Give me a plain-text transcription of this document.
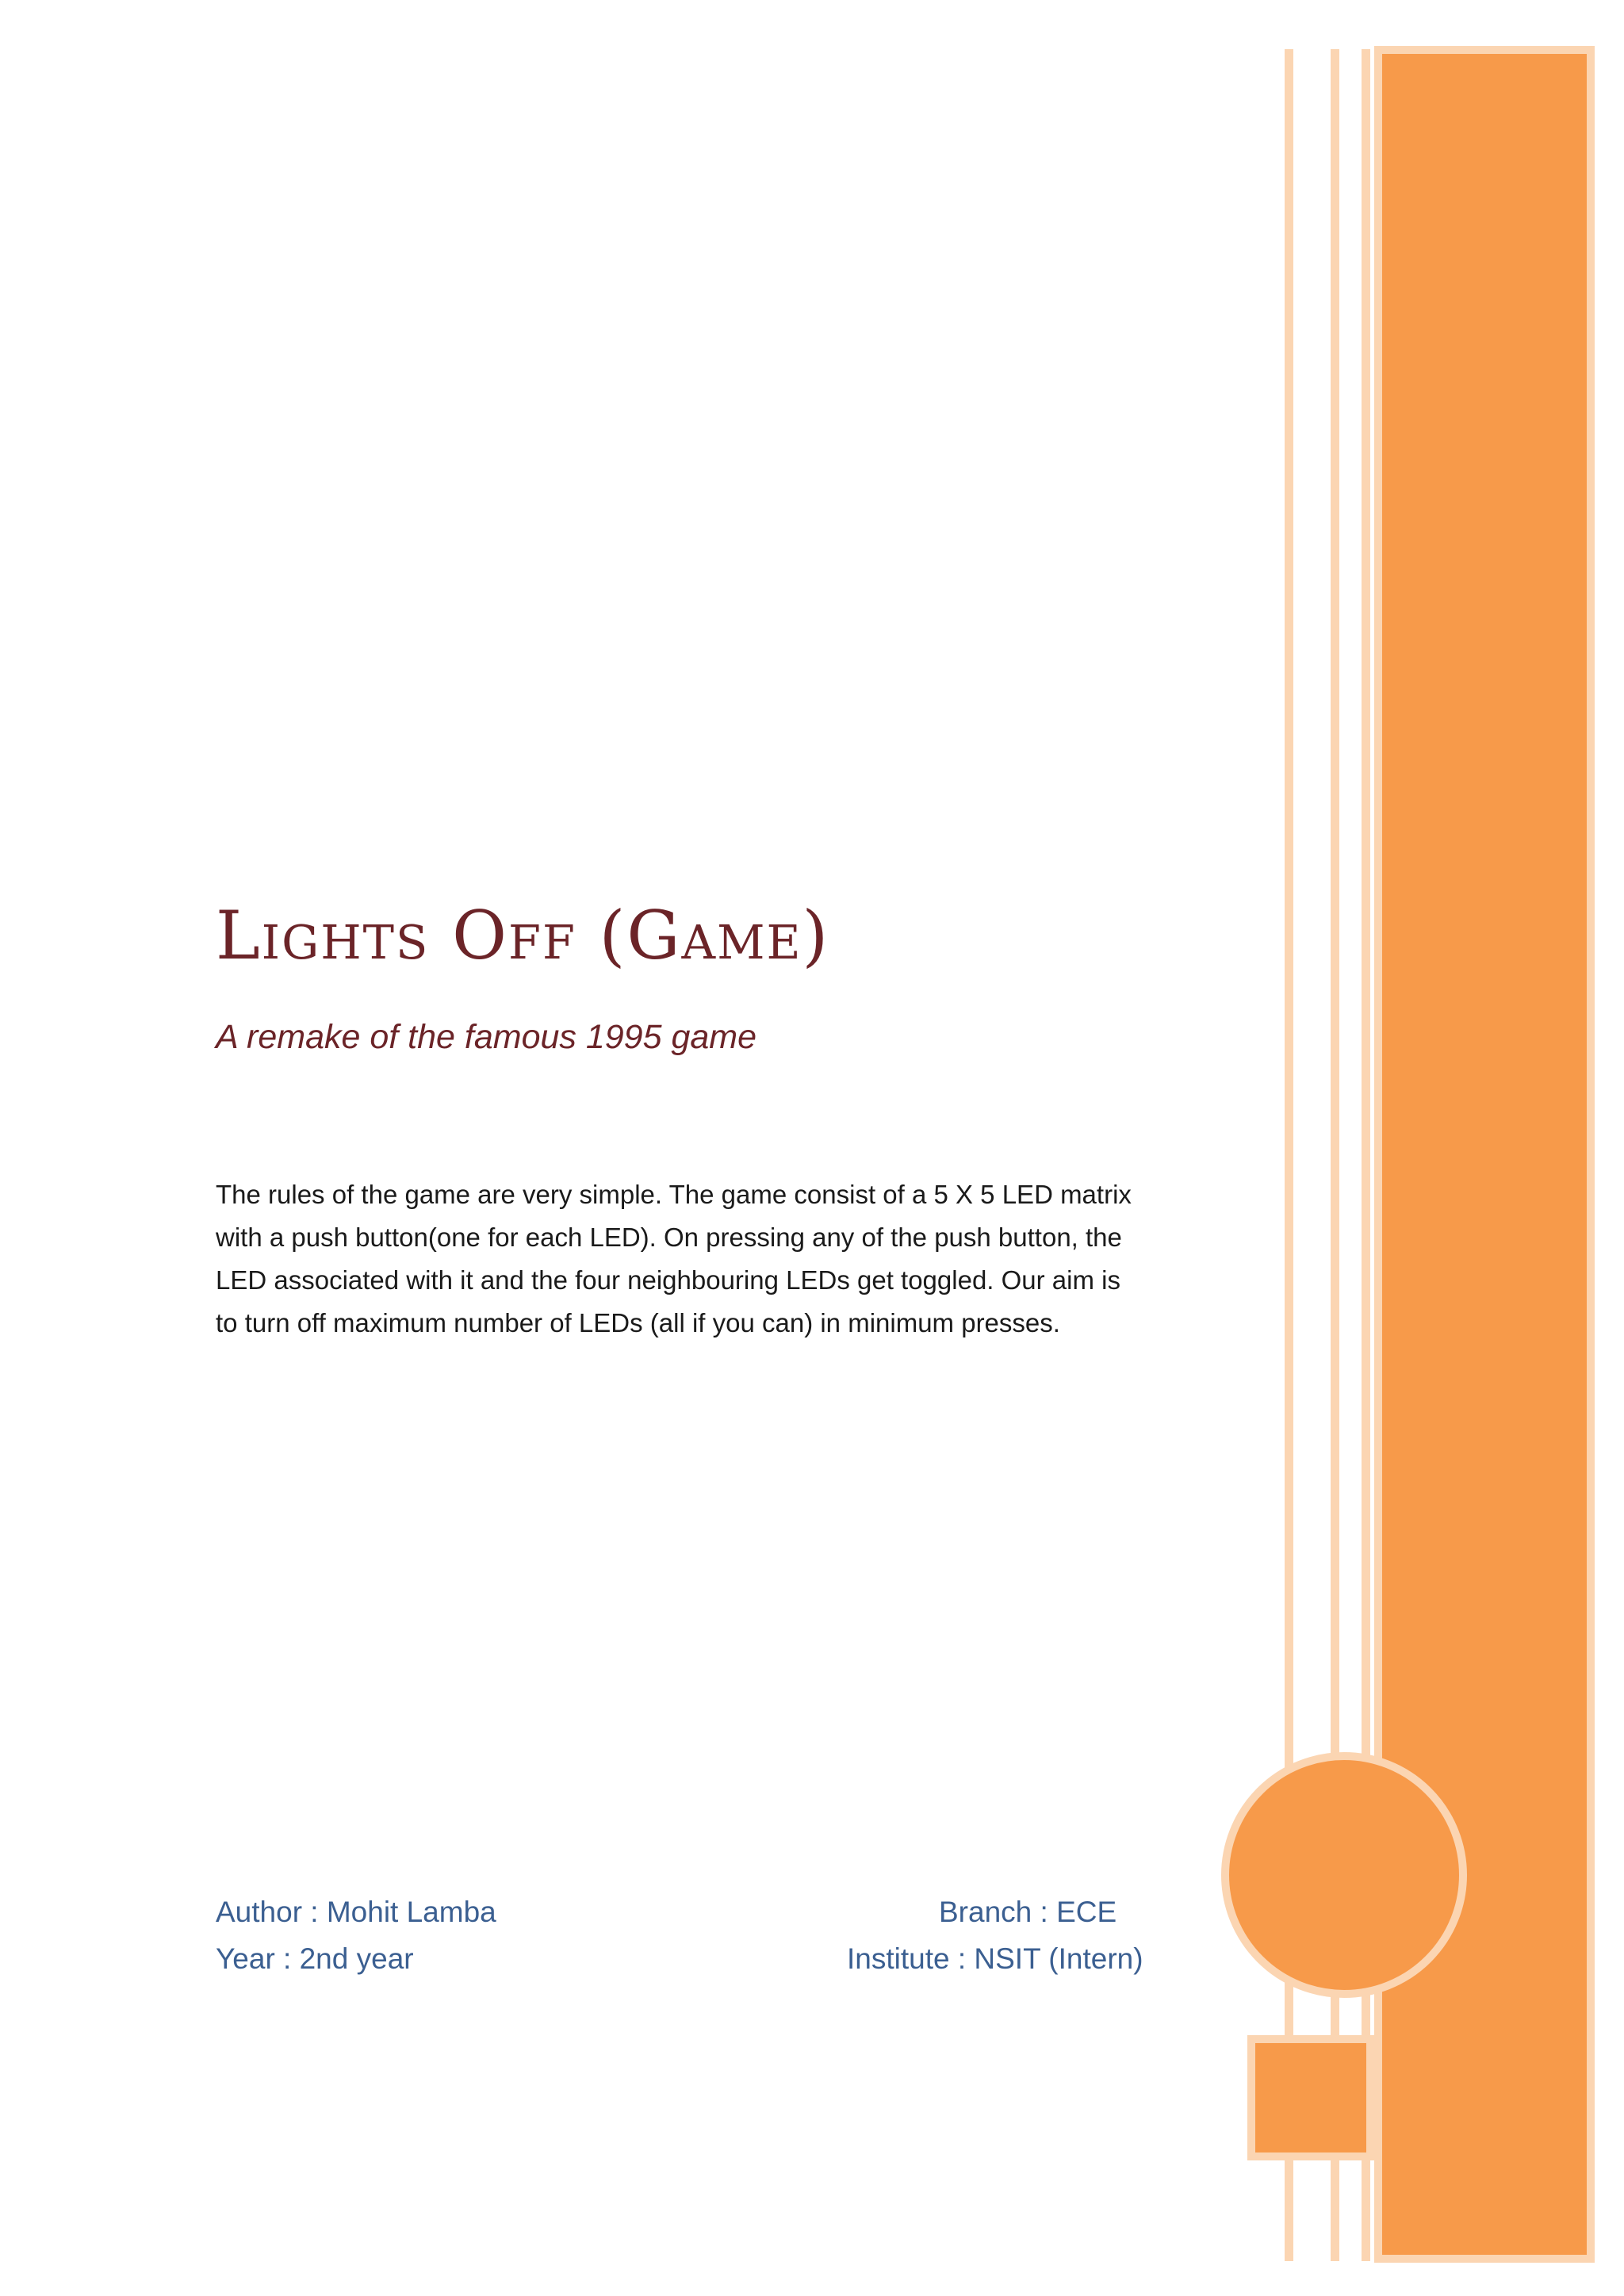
Lights Off (Game)

A remake of the famous 1995 game

The rules of the game are very simple. The game consist of a 5 X 5 LED matrix with a push button(one for each LED). On pressing any of the push button, the LED associated with it and the four neighbouring LEDs get toggled. Our aim is to turn off maximum number of LEDs (all if you can) in minimum presses.

Author : Mohit Lamba
Year : 2nd year
Branch : ECE
Institute : NSIT (Intern)
